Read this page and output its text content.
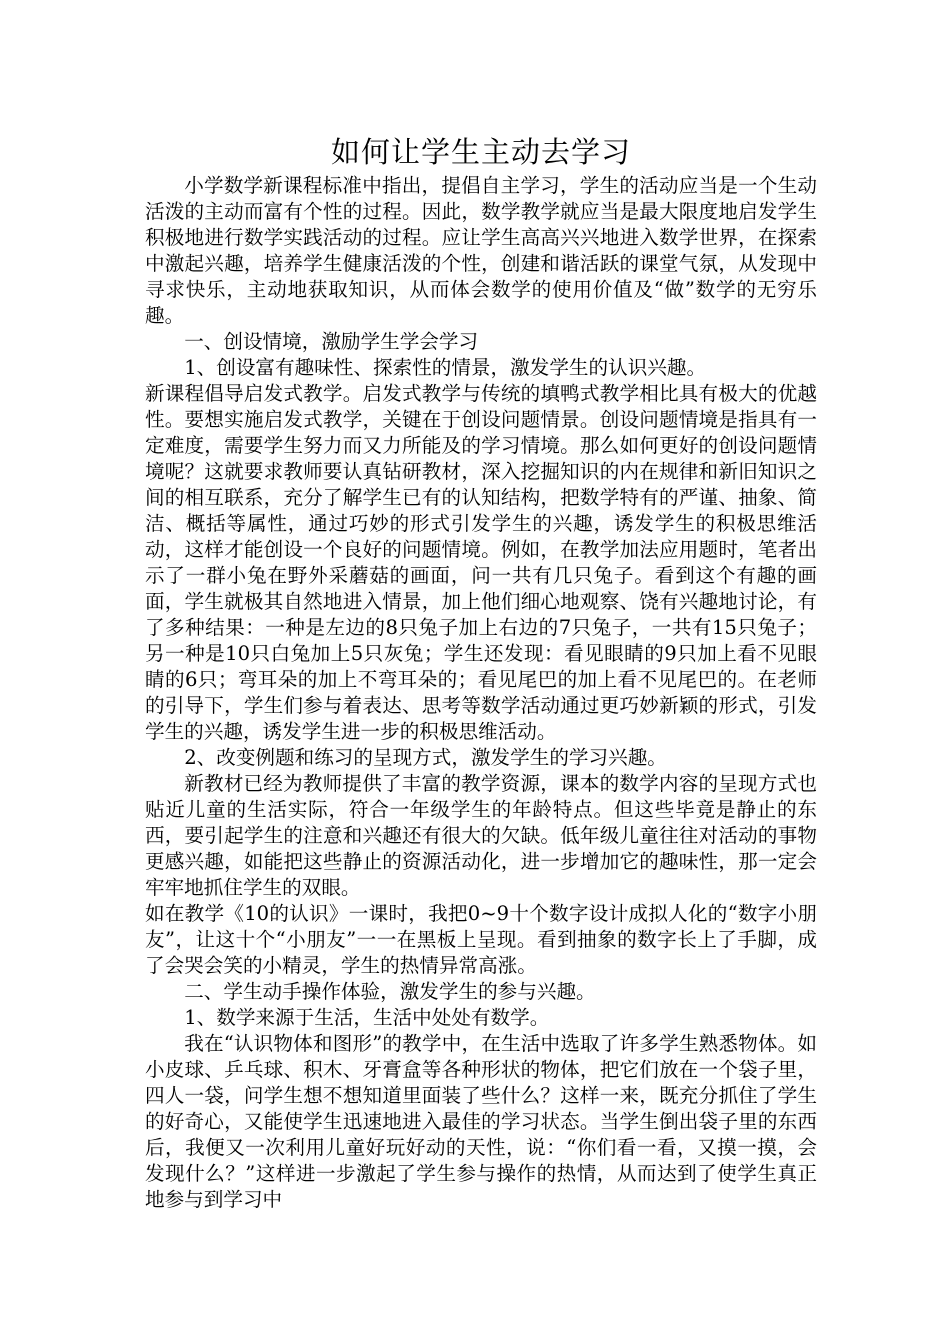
如何让学生主动去学习

小学数学新课程标准中指出，提倡自主学习，学生的活动应当是一个生动活泼的主动而富有个性的过程。因此，数学教学就应当是最大限度地启发学生积极地进行数学实践活动的过程。应让学生高高兴兴地进入数学世界，在探索中激起兴趣，培养学生健康活泼的个性，创建和谐活跃的课堂气氛，从发现中寻求快乐，主动地获取知识，从而体会数学的使用价值及“做”数学的无穷乐趣。

一、创设情境，激励学生学会学习

1、创设富有趣味性、探索性的情景，激发学生的认识兴趣。

新课程倡导启发式教学。启发式教学与传统的填鸭式教学相比具有极大的优越性。要想实施启发式教学，关键在于创设问题情景。创设问题情境是指具有一定难度，需要学生努力而又力所能及的学习情境。那么如何更好的创设问题情境呢？这就要求教师要认真钻研教材，深入挖掘知识的内在规律和新旧知识之间的相互联系，充分了解学生已有的认知结构，把数学特有的严谨、抽象、简洁、概括等属性，通过巧妙的形式引发学生的兴趣，诱发学生的积极思维活动，这样才能创设一个良好的问题情境。例如，在教学加法应用题时，笔者出示了一群小兔在野外采蘑菇的画面，问一共有几只兔子。看到这个有趣的画面，学生就极其自然地进入情景，加上他们细心地观察、饶有兴趣地讨论，有了多种结果：一种是左边的8只兔子加上右边的7只兔子，一共有15只兔子；另一种是10只白兔加上5只灰兔；学生还发现：看见眼睛的9只加上看不见眼睛的6只；弯耳朵的加上不弯耳朵的；看见尾巴的加上看不见尾巴的。在老师的引导下，学生们参与着表达、思考等数学活动通过更巧妙新颖的形式，引发学生的兴趣，诱发学生进一步的积极思维活动。

2、改变例题和练习的呈现方式，激发学生的学习兴趣。

新教材已经为教师提供了丰富的教学资源，课本的数学内容的呈现方式也贴近儿童的生活实际，符合一年级学生的年龄特点。但这些毕竟是静止的东西，要引起学生的注意和兴趣还有很大的欠缺。低年级儿童往往对活动的事物更感兴趣，如能把这些静止的资源活动化，进一步增加它的趣味性，那一定会牢牢地抓住学生的双眼。

如在教学《10的认识》一课时，我把0~9十个数字设计成拟人化的“数字小朋友”，让这十个“小朋友”一一在黑板上呈现。看到抽象的数字长上了手脚，成了会哭会笑的小精灵，学生的热情异常高涨。

二、学生动手操作体验，激发学生的参与兴趣。

1、数学来源于生活，生活中处处有数学。

我在“认识物体和图形”的教学中，在生活中选取了许多学生熟悉物体。如小皮球、乒乓球、积木、牙膏盒等各种形状的物体，把它们放在一个袋子里，四人一袋，问学生想不想知道里面装了些什么？这样一来，既充分抓住了学生的好奇心，又能使学生迅速地进入最佳的学习状态。当学生倒出袋子里的东西后，我便又一次利用儿童好玩好动的天性，说：“你们看一看，又摸一摸，会发现什么？”这样进一步激起了学生参与操作的热情，从而达到了使学生真正地参与到学习中
